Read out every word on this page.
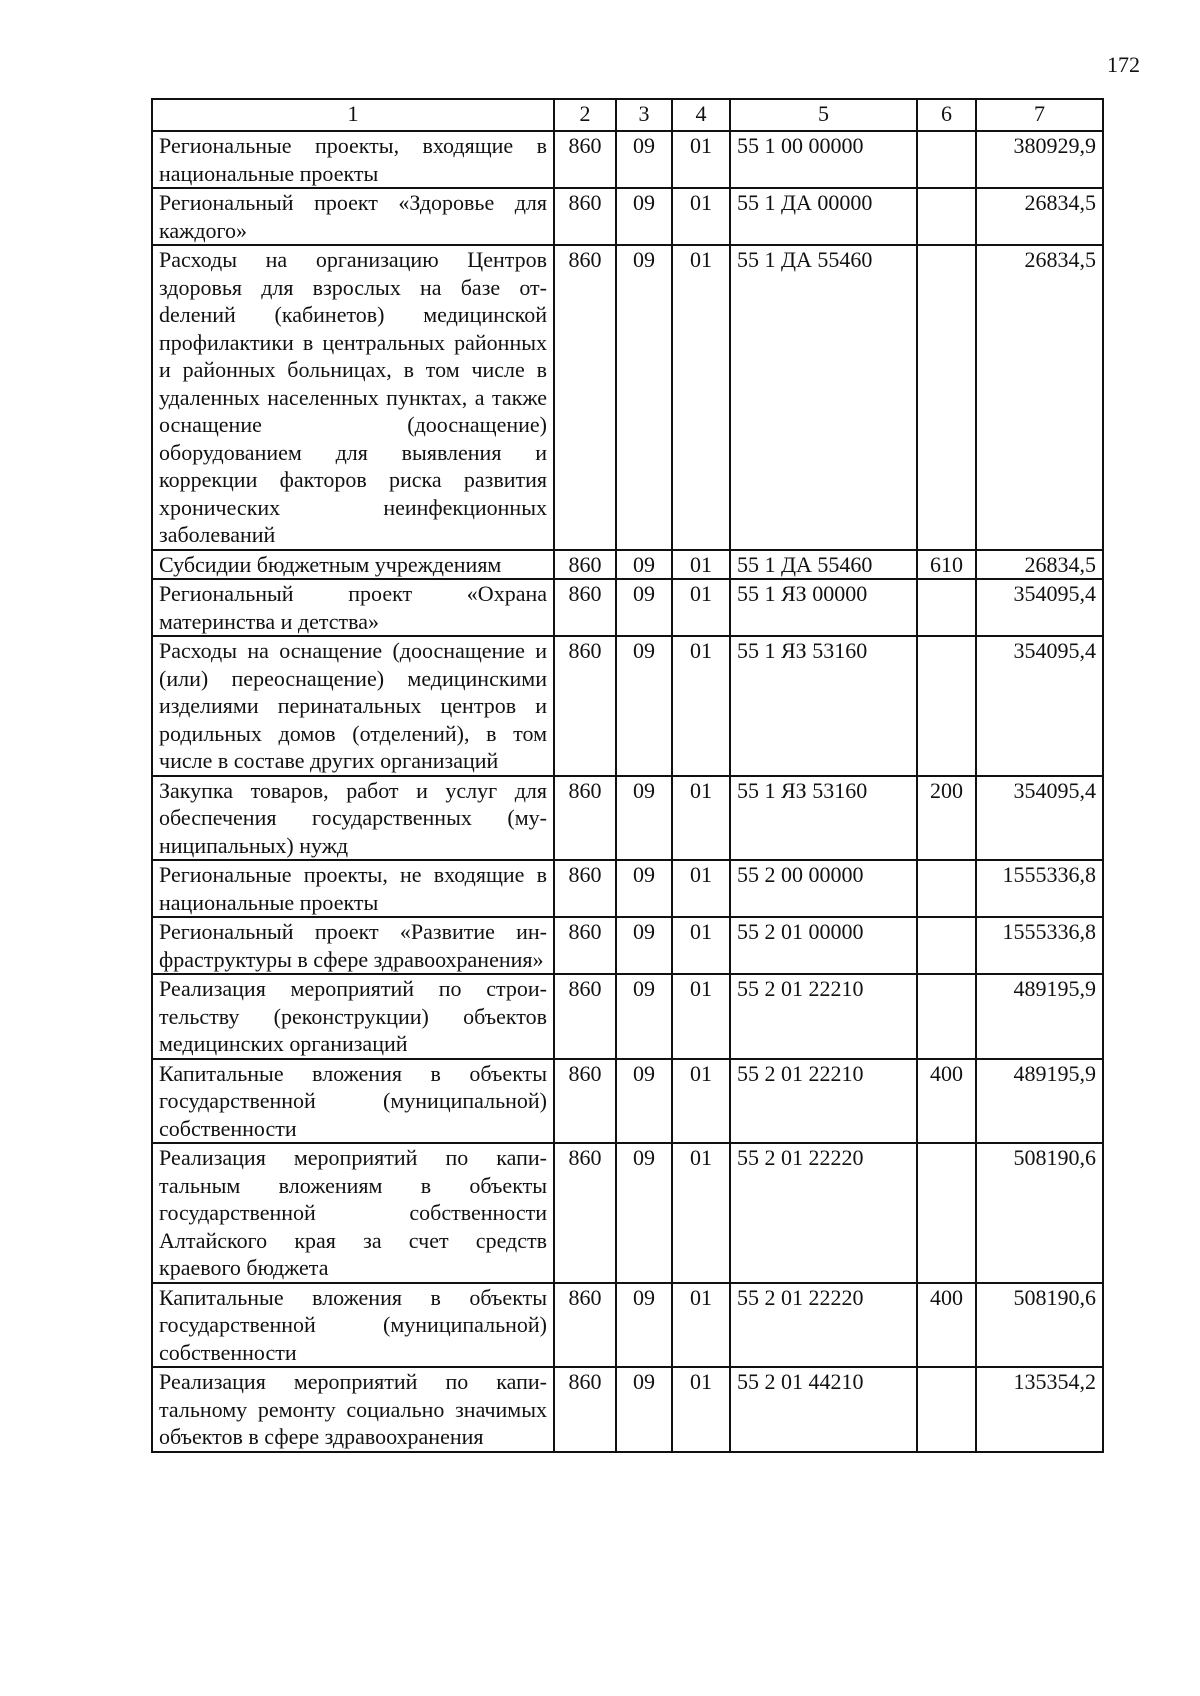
172
1	2	3	4	5	6	7
Региональные проекты, входящие в национальные проекты	860	09	01	55 1 00 00000		380929,9
Региональный проект «Здоровье для каждого»	860	09	01	55 1 ДА 00000		26834,5
Расходы на организацию Центров здоровья для взрослых на базе отdелений (кабинетов) медицинской профилактики в центральных районных и районных больницах, в том числе в удаленных населенных пунктах, а также оснащение (дооснащение) оборудованием для выявления и коррекции факторов риска развития хронических неинфекционных заболеваний	860	09	01	55 1 ДА 55460		26834,5
Субсидии бюджетным учреждениям	860	09	01	55 1 ДА 55460	610	26834,5
Региональный проект «Охрана материнства и детства»	860	09	01	55 1 ЯЗ 00000		354095,4
Расходы на оснащение (дооснащение и (или) переоснащение) медицинскими изделиями перинатальных центров и родильных домов (отделений), в том числе в составе других организаций	860	09	01	55 1 ЯЗ 53160		354095,4
Закупка товаров, работ и услуг для обеспечения государственных (муниципальных) нужд	860	09	01	55 1 ЯЗ 53160	200	354095,4
Региональные проекты, не входящие в национальные проекты	860	09	01	55 2 00 00000		1555336,8
Региональный проект «Развитие инфраструктуры в сфере здравоохранения»	860	09	01	55 2 01 00000		1555336,8
Реализация мероприятий по строительству (реконструкции) объектов медицинских организаций	860	09	01	55 2 01 22210		489195,9
Капитальные вложения в объекты государственной (муниципальной) собственности	860	09	01	55 2 01 22210	400	489195,9
Реализация мероприятий по капитальным вложениям в объекты государственной собственности Алтайского края за счет средств краевого бюджета	860	09	01	55 2 01 22220		508190,6
Капитальные вложения в объекты государственной (муниципальной) собственности	860	09	01	55 2 01 22220	400	508190,6
Реализация мероприятий по капитальному ремонту социально значимых объектов в сфере здравоохранения	860	09	01	55 2 01 44210		135354,2
